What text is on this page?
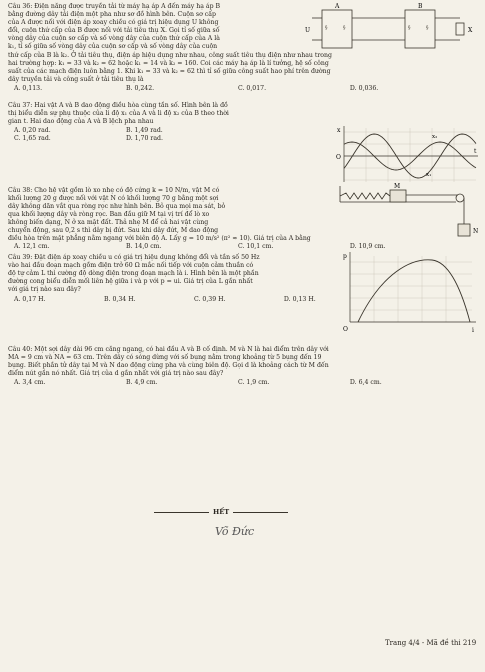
Câu 36: Điện năng được truyền tải từ máy hạ áp A đến máy hạ áp B
bằng đường dây tải điện một pha như sơ đồ hình bên. Cuộn sơ cấp
của A được nối với điện áp xoay chiều có giá trị hiệu dụng U không
đổi, cuộn thứ cấp của B được nối với tải tiêu thụ X. Gọi tỉ số giữa số
vòng dây của cuộn sơ cấp và số vòng dây của cuộn thứ cấp của A là
k₁, tỉ số giữa số vòng dây của cuộn sơ cấp và số vòng dây của cuộn
thứ cấp của B là k₂. Ở tải tiêu thụ, điện áp hiệu dụng như nhau, công suất tiêu thụ điện như nhau trong
hai trường hợp: k₁ = 33 và k₂ = 62 hoặc k₁ = 14 và k₂ = 160. Coi các máy hạ áp là lí tưởng, hệ số công
suất của các mạch điện luôn bằng 1. Khi k₁ = 33 và k₂ = 62 thì tỉ số giữa công suất hao phí trên đường
dây truyền tải và công suất ở tải tiêu thụ là
A. 0,113.	B. 0,242.	C. 0,017.	D. 0,036.
§	§	§	§
A	B
U	X
Câu 37: Hai vật A và B dao động điều hòa cùng tần số. Hình bên là đồ
thị biểu diễn sự phụ thuộc của li độ x₁ của A và li độ x₂ của B theo thời
gian t. Hai dao động của A và B lệch pha nhau
A. 0,20 rad.	B. 1,49 rad.
C. 1,65 rad.	D. 1,70 rad.
x
O
t
x₂
x₁
Câu 38: Cho hệ vật gồm lò xo nhẹ có độ cứng k = 10 N/m, vật M có
khối lượng 20 g được nối với vật N có khối lượng 70 g bằng một sợi
dây không dãn vắt qua ròng rọc như hình bên. Bỏ qua mọi ma sát, bỏ
qua khối lượng dây và ròng rọc. Ban đầu giữ M tại vị trí để lò xo
không biến dạng, N ở xa mặt đất. Thả nhẹ M để cả hai vật cùng
chuyển động, sau 0,2 s thì dây bị đứt. Sau khi dây đứt, M dao động
điều hòa trên mặt phẳng nằm ngang với biên độ A. Lấy g = 10 m/s² (π² ≈ 10). Giá trị của A bằng
A. 12,1 cm.	B. 14,0 cm.	C. 10,1 cm.	D. 10,9 cm.
M
N
Câu 39: Đặt điện áp xoay chiều u có giá trị hiệu dụng không đổi và tần số 50 Hz
vào hai đầu đoạn mạch gồm điện trở 60 Ω mắc nối tiếp với cuộn cảm thuần có
độ tự cảm L thì cường độ dòng điện trong đoạn mạch là i. Hình bên là một phần
đường cong biểu diễn mối liên hệ giữa i và p với p = ui. Giá trị của L gần nhất
với giá trị nào sau đây?
A. 0,17 H.	B. 0,34 H.	C. 0,39 H.	D. 0,13 H.
p
i
O
Câu 40: Một sợi dây dài 96 cm căng ngang, có hai đầu A và B cố định. M và N là hai điểm trên dây với
MA = 9 cm và NA = 63 cm. Trên dây có sóng dừng với số bụng nằm trong khoảng từ 5 bụng đến 19
bụng. Biết phần tử dây tại M và N dao động cùng pha và cùng biên độ. Gọi d là khoảng cách từ M đến
điểm nút gần nó nhất. Giá trị của d gần nhất với giá trị nào sau đây?
A. 3,4 cm.	B. 4,9 cm.	C. 1,9 cm.	D. 6,4 cm.
HẾT
Võ Đức
Trang 4/4 - Mã đề thi 219
